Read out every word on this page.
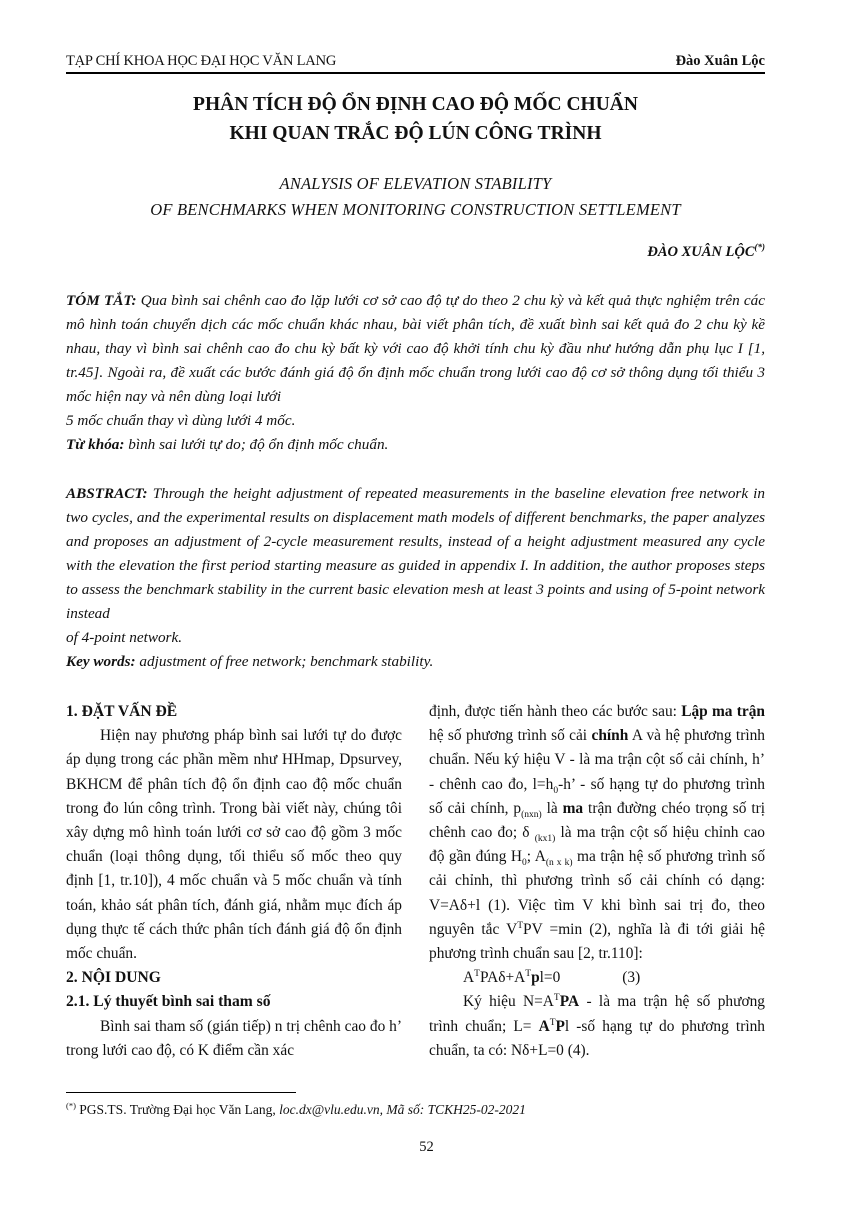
TẠP CHÍ KHOA HỌC ĐẠI HỌC VĂN LANG	Đào Xuân Lộc
PHÂN TÍCH ĐỘ ỔN ĐỊNH CAO ĐỘ MỐC CHUẨN
KHI QUAN TRẮC ĐỘ LÚN CÔNG TRÌNH
ANALYSIS OF ELEVATION STABILITY
OF BENCHMARKS WHEN MONITORING CONSTRUCTION SETTLEMENT
ĐÀO XUÂN LỘC(*)
TÓM TẮT: Qua bình sai chênh cao đo lặp lưới cơ sở cao độ tự do theo 2 chu kỳ và kết quả thực nghiệm trên các mô hình toán chuyển dịch các mốc chuẩn khác nhau, bài viết phân tích, đề xuất bình sai kết quả đo 2 chu kỳ kề nhau, thay vì bình sai chênh cao đo chu kỳ bất kỳ với cao độ khởi tính chu kỳ đầu như hướng dẫn phụ lục I [1, tr.45]. Ngoài ra, đề xuất các bước đánh giá độ ổn định mốc chuẩn trong lưới cao độ cơ sở thông dụng tối thiểu 3 mốc hiện nay và nên dùng loại lưới
5 mốc chuẩn thay vì dùng lưới 4 mốc.
Từ khóa: bình sai lưới tự do; độ ổn định mốc chuẩn.
ABSTRACT: Through the height adjustment of repeated measurements in the baseline elevation free network in two cycles, and the experimental results on displacement math models of different benchmarks, the paper analyzes and proposes an adjustment of 2-cycle measurement results, instead of a height adjustment measured any cycle with the elevation the first period starting measure as guided in appendix I. In addition, the author proposes steps to assess the benchmark stability in the current basic elevation mesh at least 3 points and using of 5-point network instead
of 4-point network.
Key words: adjustment of free network; benchmark stability.

1. ĐẶT VẤN ĐỀ

Hiện nay phương pháp bình sai lưới tự do được áp dụng trong các phần mềm như HHmap, Dpsurvey, BKHCM để phân tích độ ổn định cao độ mốc chuẩn trong đo lún công trình. Trong bài viết này, chúng tôi xây dựng mô hình toán lưới cơ sở cao độ gồm 3 mốc chuẩn (loại thông dụng, tối thiểu số mốc theo quy định [1, tr.10]), 4 mốc chuẩn và 5 mốc chuẩn và tính toán, khảo sát phân tích, đánh giá, nhằm mục đích áp dụng thực tế cách thức phân tích đánh giá độ ổn định mốc chuẩn.

2. NỘI DUNG

2.1. Lý thuyết bình sai tham số

Bình sai tham số (gián tiếp) n trị chênh cao đo h’ trong lưới cao độ, có K điểm cần xác

định, được tiến hành theo các bước sau: Lập ma trận hệ số phương trình số cải chính A và hệ phương trình chuẩn. Nếu ký hiệu V - là ma trận cột số cải chính, h’ - chênh cao đo, $l=h_0-h$’ - số hạng tự do phương trình số cải chính, $p_{(nxn)}$ là ma trận đường chéo trọng số trị chênh cao đo; δ $_{(kx1)}$ là ma trận cột số hiệu chỉnh cao độ gần đúng $H_0$; $A_{(n x k)}$ ma trận hệ số phương trình số cải chỉnh, thì phương trình số cải chính có dạng: V=Aδ+l (1). Việc tìm V khi bình sai trị đo, theo nguyên tắc $V^TPV =\min$ (2), nghĩa là đi tới giải hệ phương trình chuẩn sau [2, tr.110]:

$A^TPA\delta+A^Tpl=0$	(3)

Ký hiệu $N=A^TPA$ - là ma trận hệ số phương trình chuẩn; $L= A^TPl$ -số hạng tự do phương trình chuẩn, ta có: Nδ+L=0 (4).

(*) PGS.TS. Trường Đại học Văn Lang, loc.dx@vlu.edu.vn, Mã số: TCKH25-02-2021
52
